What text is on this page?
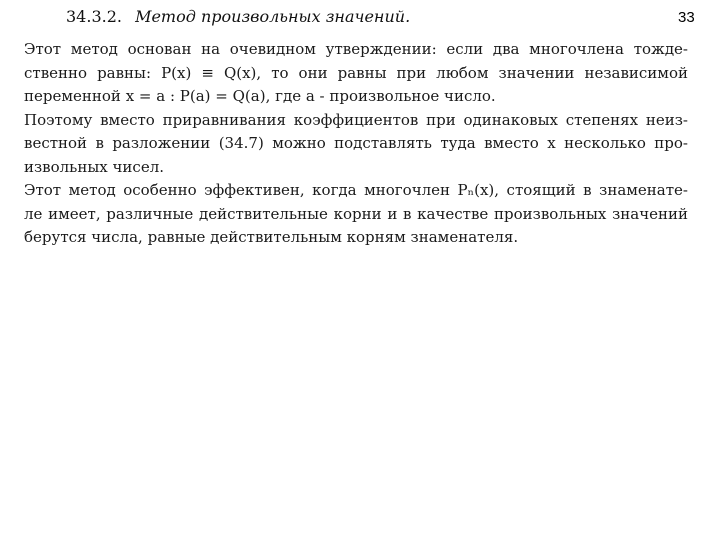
34.3.2. Метод произвольных значений.	33
Этот метод основан на очевидном утверждении: если два многочлена тожде-
ственно равны: P(x) ≡ Q(x), то они равны при любом значении независимой
переменной x = a : P(a) = Q(a), где a - произвольное число.
Поэтому вместо приравнивания коэффициентов при одинаковых степенях неиз-
вестной в разложении (34.7) можно подставлять туда вместо x несколько про-
извольных чисел.
Этот метод особенно эффективен, когда многочлен Pₙ(x), стоящий в знаменате-
ле имеет, различные действительные корни и в качестве произвольных значений
берутся числа, равные действительным корням знаменателя.
